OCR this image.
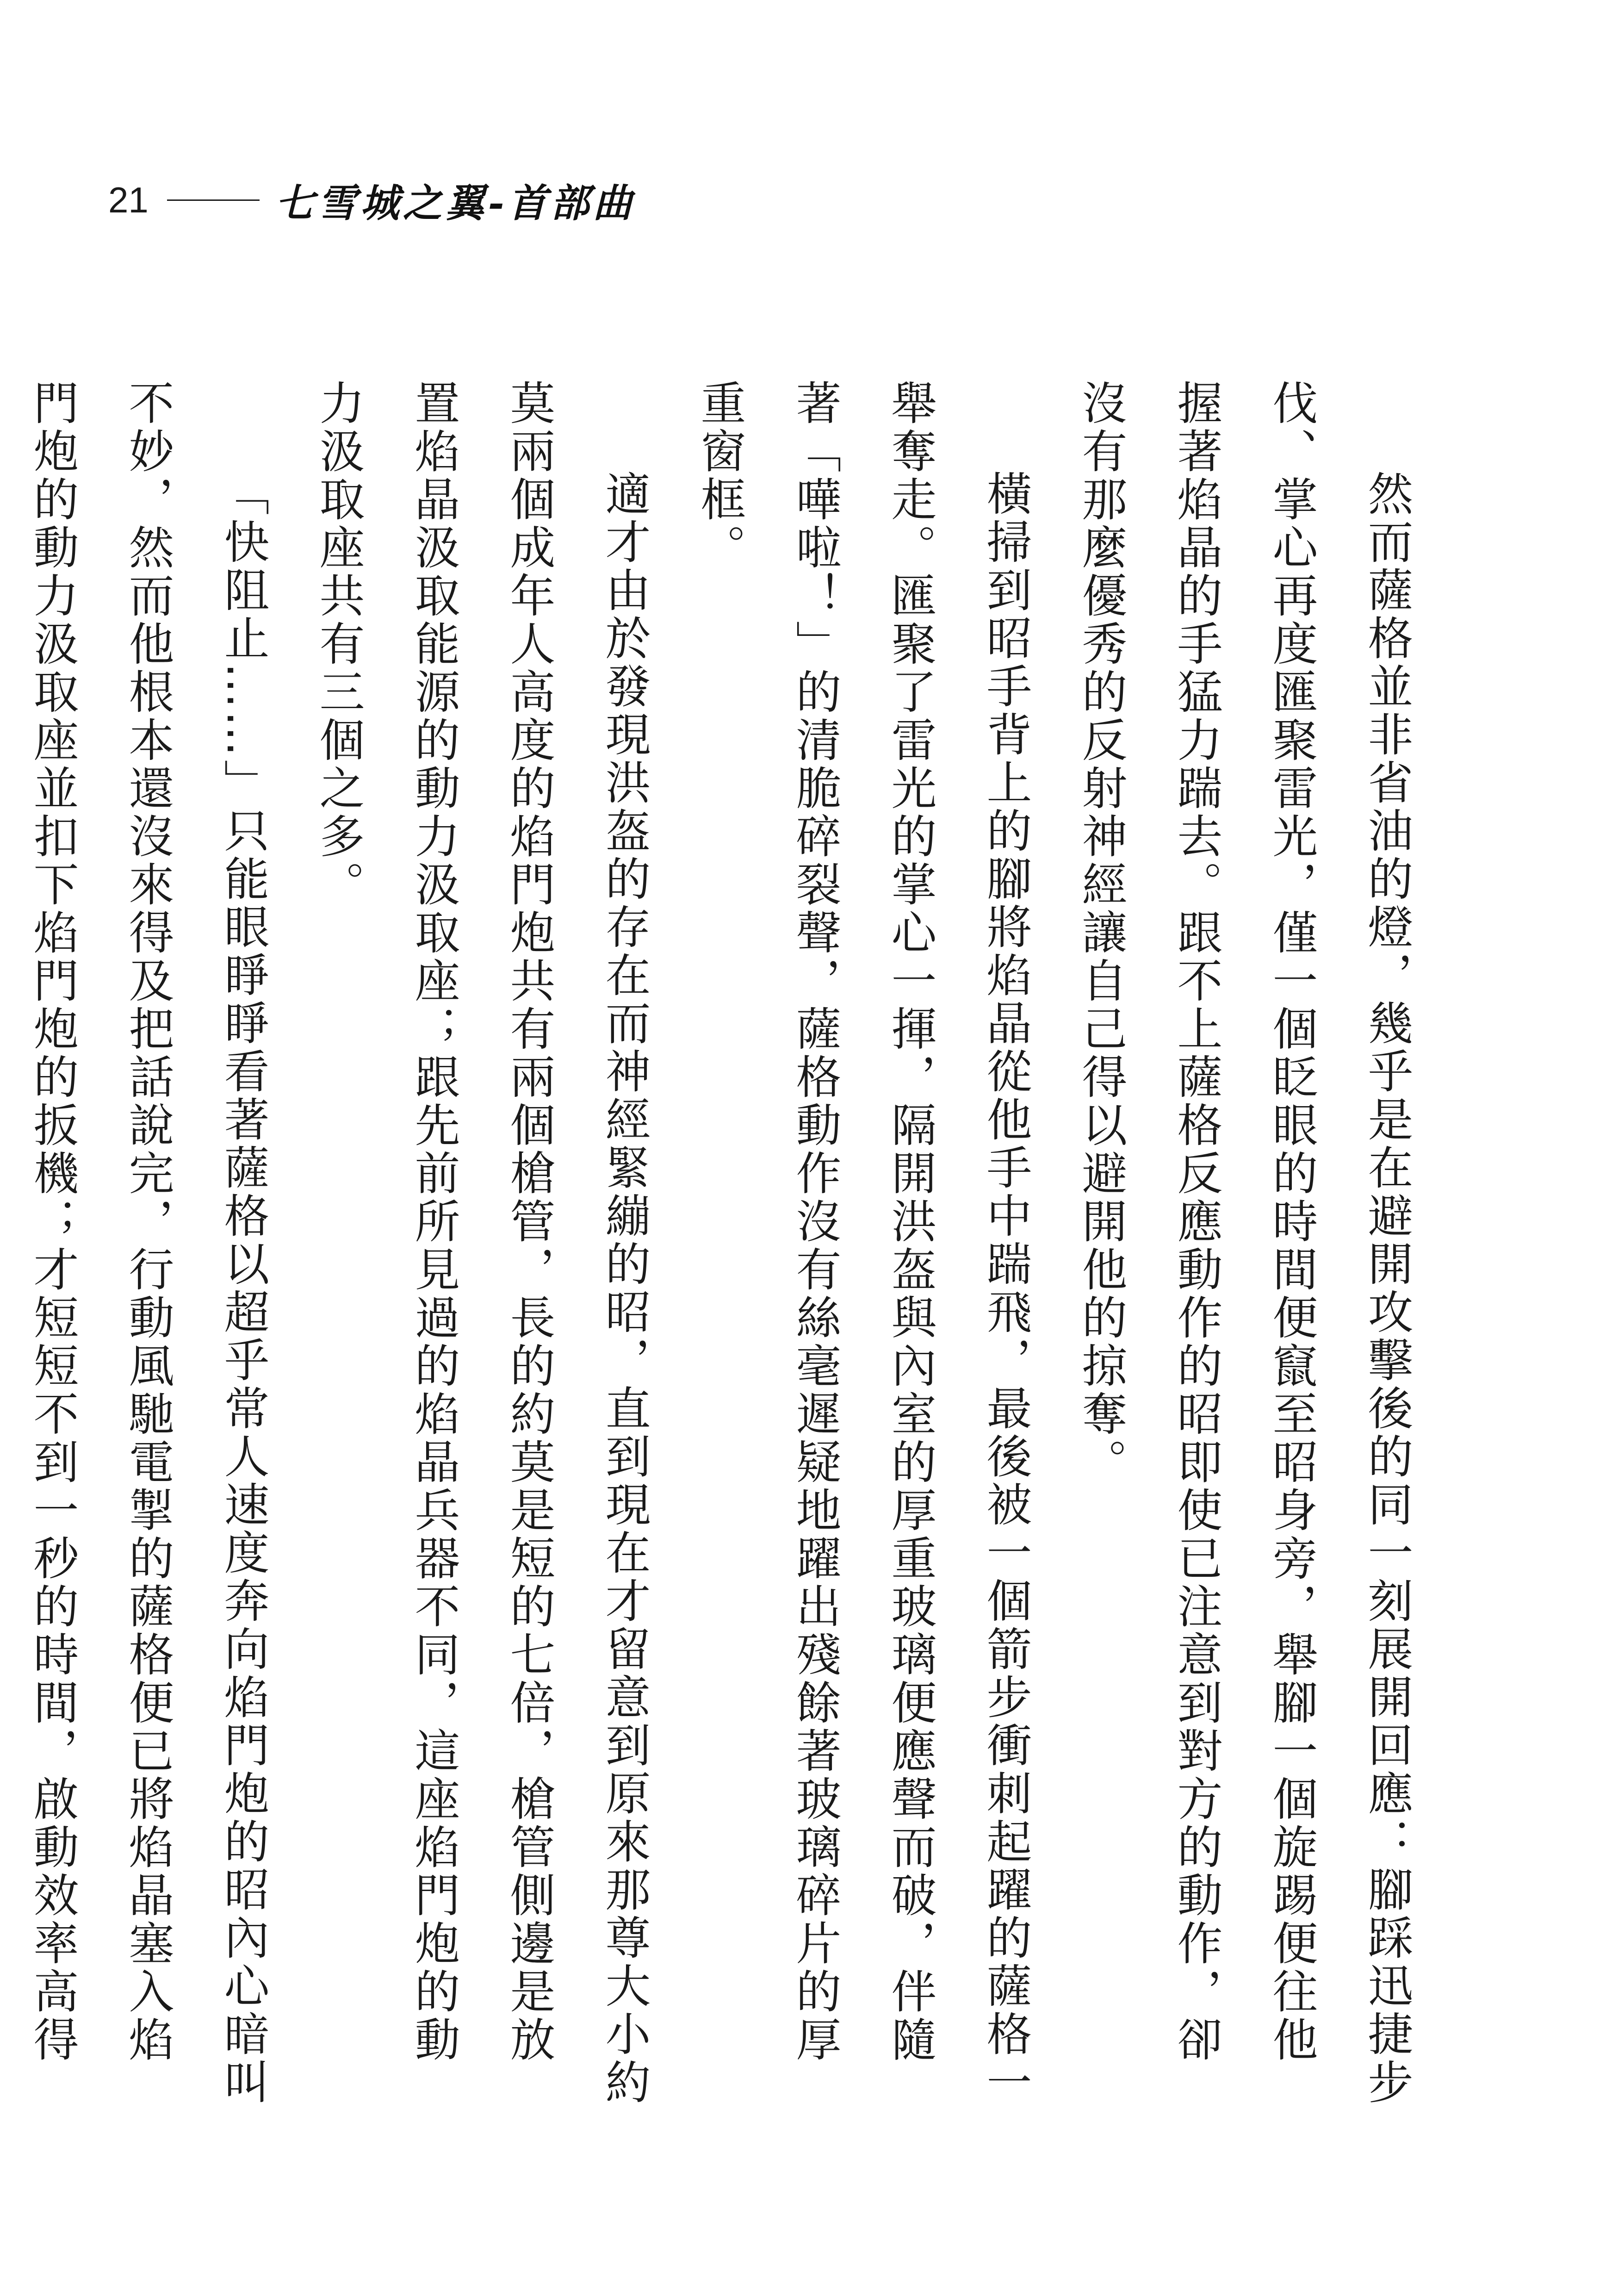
21	七雪城之翼-首部曲

然而薩格並非省油的燈，幾乎是在避開攻擊後的同一刻展開回應：腳踩迅捷步伐、掌心再度匯聚雷光，僅一個眨眼的時間便竄至昭身旁，舉腳一個旋踢便往他握著焰晶的手猛力踹去。跟不上薩格反應動作的昭即使已注意到對方的動作，卻沒有那麼優秀的反射神經讓自己得以避開他的掠奪。

橫掃到昭手背上的腳將焰晶從他手中踹飛，最後被一個箭步衝刺起躍的薩格一舉奪走。匯聚了雷光的掌心一揮，隔開洪盔與內室的厚重玻璃便應聲而破，伴隨著「嘩啦！」的清脆碎裂聲，薩格動作沒有絲毫遲疑地躍出殘餘著玻璃碎片的厚重窗框。

適才由於發現洪盔的存在而神經緊繃的昭，直到現在才留意到原來那尊大小約莫兩個成年人高度的焰門炮共有兩個槍管，長的約莫是短的七倍，槍管側邊是放置焰晶汲取能源的動力汲取座；跟先前所見過的焰晶兵器不同，這座焰門炮的動力汲取座共有三個之多。

「快阻止……」只能眼睜睜看著薩格以超乎常人速度奔向焰門炮的昭內心暗叫不妙，然而他根本還沒來得及把話說完，行動風馳電掣的薩格便已將焰晶塞入焰門炮的動力汲取座並扣下焰門炮的扳機；才短短不到一秒的時間，啟動效率高得
